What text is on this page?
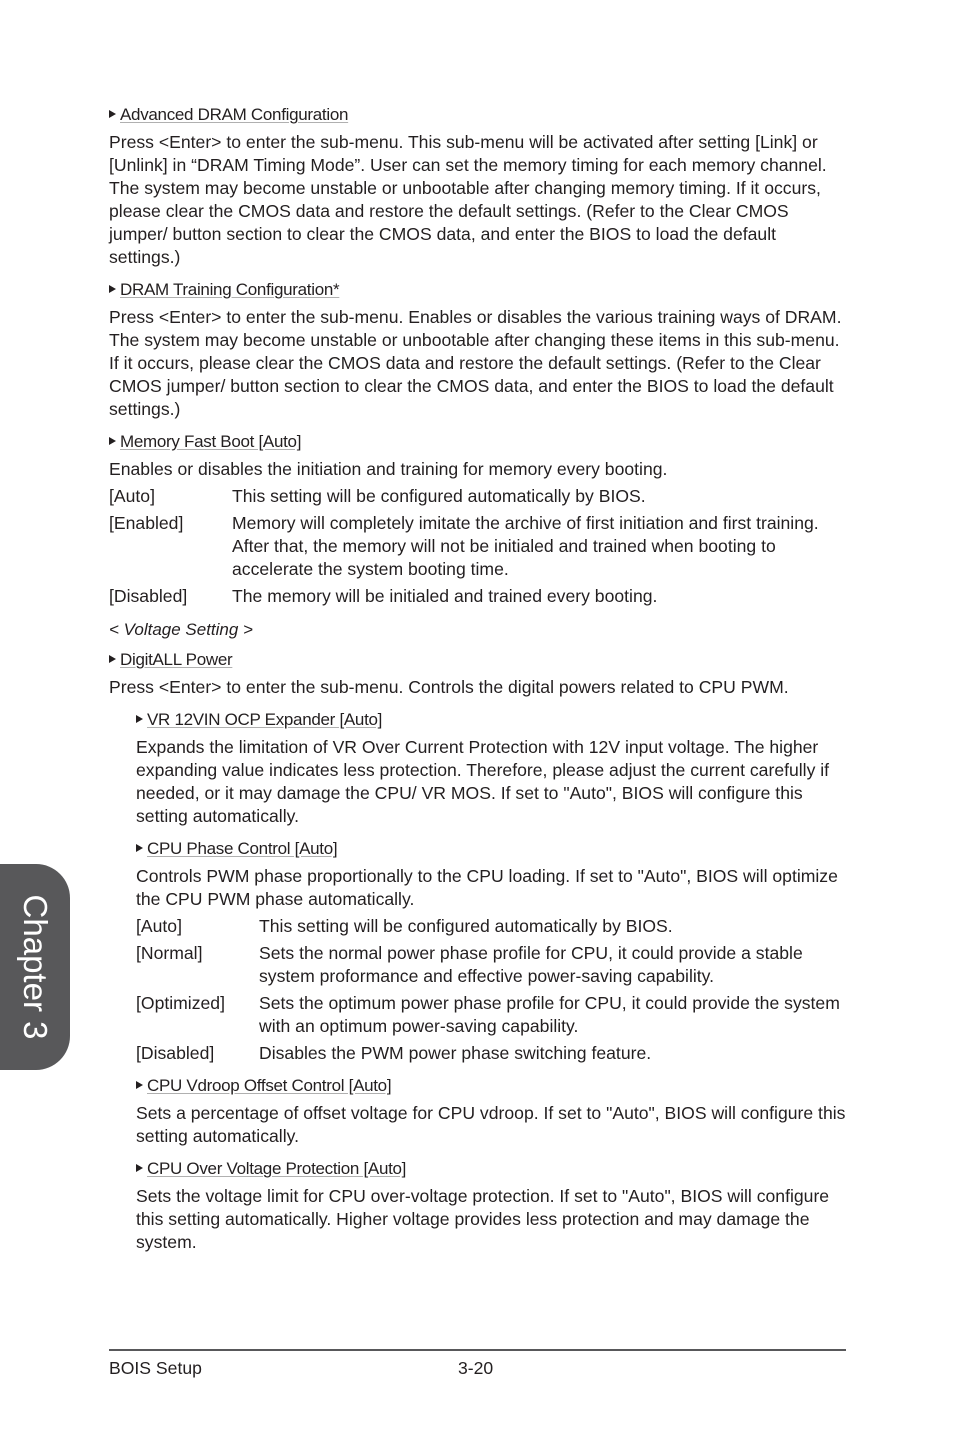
Advanced DRAM Configuration

Press <Enter> to enter the sub-menu. This sub-menu will be activated after setting [Link] or [Unlink] in “DRAM Timing Mode”. User can set the memory timing for each memory channel. The system may become unstable or unbootable after changing memory timing. If it occurs, please clear the CMOS data and restore the default settings. (Refer to the Clear CMOS jumper/ button section to clear the CMOS data, and enter the BIOS to load the default settings.)

DRAM Training Configuration*

Press <Enter> to enter the sub-menu. Enables or disables the various training ways of DRAM. The system may become unstable or unbootable after changing these items in this sub-menu. If it occurs, please clear the CMOS data and restore the default settings. (Refer to the Clear CMOS jumper/ button section to clear the CMOS data, and enter the BIOS to load the default settings.)

Memory Fast Boot [Auto]

Enables or disables the initiation and training for memory every booting.

[Auto]	This setting will be configured automatically by BIOS.
[Enabled]	Memory will completely imitate the archive of first initiation and first training. After that, the memory will not be initialed and trained when booting to accelerate the system booting time.
[Disabled]	The memory will be initialed and trained every booting.
< Voltage Setting >
DigitALL Power

Press <Enter> to enter the sub-menu. Controls the digital powers related to CPU PWM.

VR 12VIN OCP Expander [Auto]

Expands the limitation of VR Over Current Protection with 12V input voltage. The higher expanding value indicates less protection. Therefore, please adjust the current carefully if needed, or it may damage the CPU/ VR MOS. If set to "Auto", BIOS will configure this setting automatically.

CPU Phase Control [Auto]

Controls PWM phase proportionally to the CPU loading. If set to "Auto", BIOS will optimize the CPU PWM phase automatically.

[Auto]	This setting will be configured automatically by BIOS.
[Normal]	Sets the normal power phase profile for CPU, it could provide a stable system proformance and effective power-saving capability.
[Optimized]	Sets the optimum power phase profile for CPU, it could provide the system with an optimum power-saving capability.
[Disabled]	Disables the PWM power phase switching feature.
CPU Vdroop Offset Control [Auto]

Sets a percentage of offset voltage for CPU vdroop. If set to "Auto", BIOS will configure this setting automatically.

CPU Over Voltage Protection [Auto]

Sets the voltage limit for CPU over-voltage protection. If set to "Auto", BIOS will configure this setting automatically. Higher voltage provides less protection and may damage the system.

Chapter 3
BOIS Setup	3-20
